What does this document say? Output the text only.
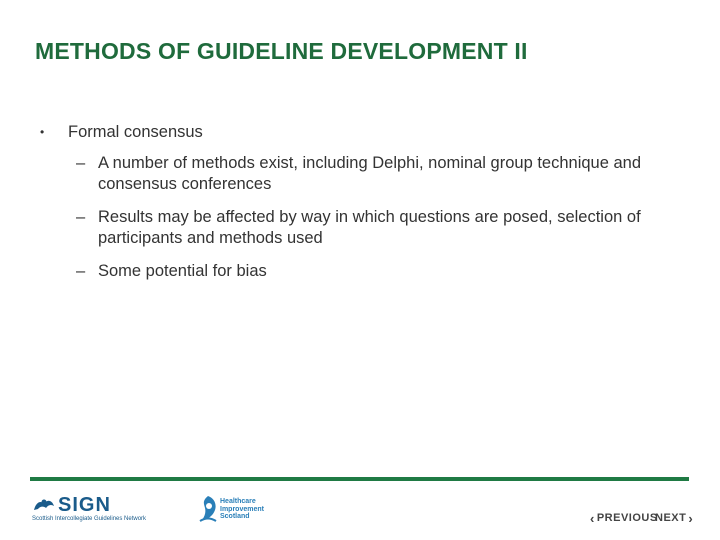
METHODS OF GUIDELINE DEVELOPMENT II
•	Formal consensus
– A number of methods exist, including Delphi, nominal group technique and consensus conferences
– Results may be affected by way in which questions are posed, selection of participants and methods used
– Some potential for bias
SIGN
Scottish Intercollegiate Guidelines Network
Healthcare
Improvement
Scotland	‹ PREVIOUS
NEXT ›
